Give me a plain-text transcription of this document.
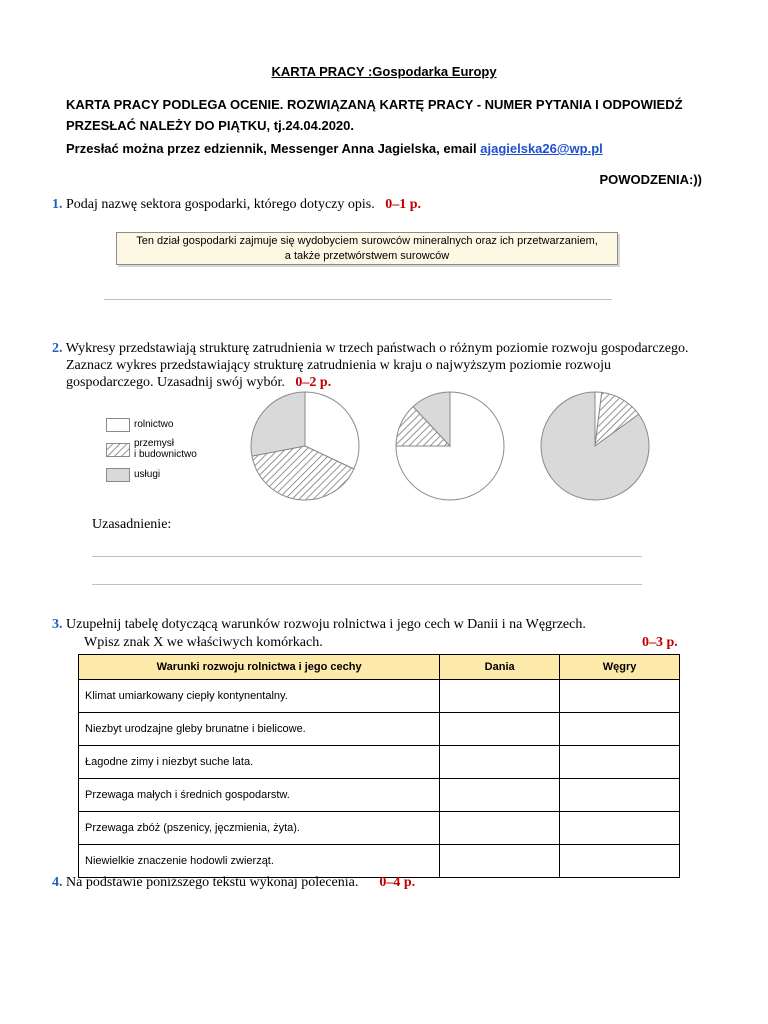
KARTA PRACY :Gospodarka Europy
KARTA PRACY PODLEGA OCENIE. ROZWIĄZANĄ KARTĘ PRACY - NUMER PYTANIA I ODPOWIEDŹ
PRZESŁAĆ NALEŻY DO PIĄTKU, tj.24.04.2020.
Przesłać można przez edziennik, Messenger Anna Jagielska, email ajagielska26@wp.pl
POWODZENIA:))
1. Podaj nazwę sektora gospodarki, którego dotyczy opis. 0–1 p.
Ten dział gospodarki zajmuje się wydobyciem surowców mineralnych oraz ich przetwarzaniem,
a także przetwórstwem surowców
2. Wykresy przedstawiają strukturę zatrudnienia w trzech państwach o różnym poziomie rozwoju gospodarczego.
Zaznacz wykres przedstawiający strukturę zatrudnienia w kraju o najwyższym poziomie rozwoju
gospodarczego. Uzasadnij swój wybór. 0–2 p.
rolnictwo
przemysł
i budownictwo
usługi
Uzasadnienie:
3. Uzupełnij tabelę dotyczącą warunków rozwoju rolnictwa i jego cech w Danii i na Węgrzech.
Wpisz znak X we właściwych komórkach.	0–3 p.
Warunki rozwoju rolnictwa i jego cechy	Dania	Węgry
Klimat umiarkowany ciepły kontynentalny.		
Niezbyt urodzajne gleby brunatne i bielicowe.		
Łagodne zimy i niezbyt suche lata.		
Przewaga małych i średnich gospodarstw.		
Przewaga zbóż (pszenicy, jęczmienia, żyta).		
Niewielkie znaczenie hodowli zwierząt.		
4. Na podstawie poniższego tekstu wykonaj polecenia. 0–4 p.
